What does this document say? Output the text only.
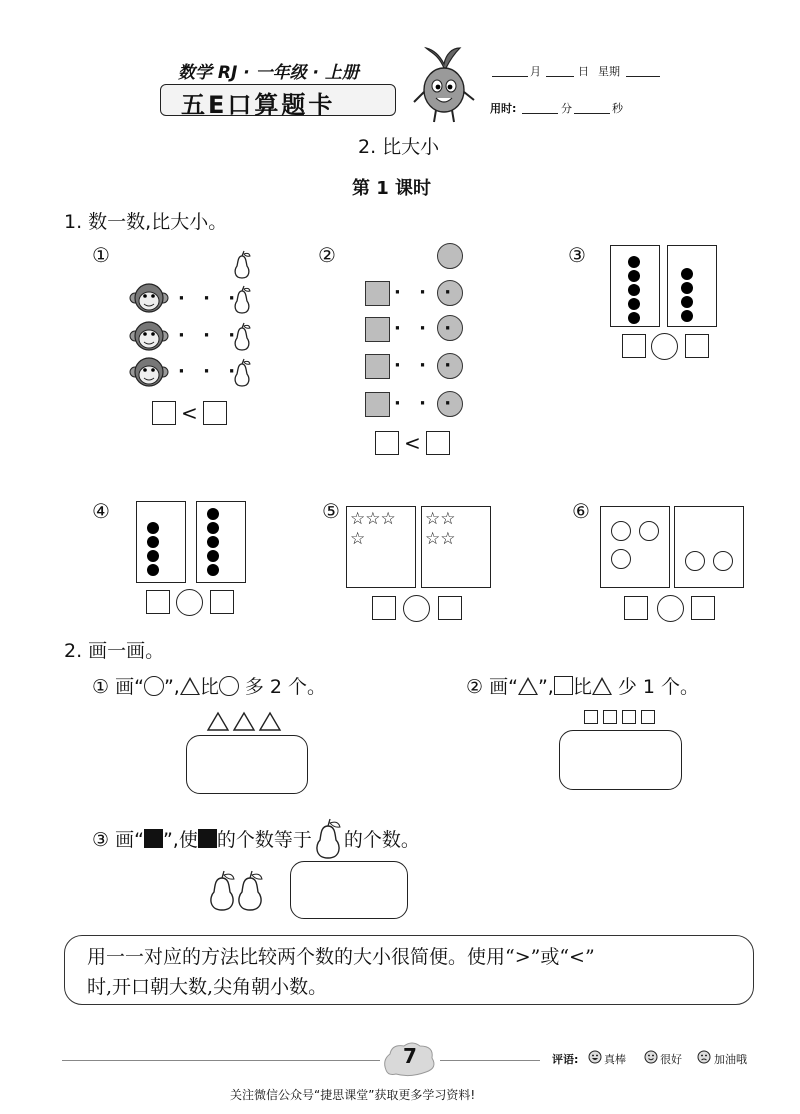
数学 RJ · 一年级 · 上册
五E口算题卡
月	日 星期
用时:	分	秒
2. 比大小
第 1 课时
1. 数一数,比大小。
①
· · ·
· · ·
· · ·
<
②
· · ·
· · ·
· · ·
· · ·
<
③
④	⑤ ☆☆☆
☆
☆☆
☆☆
⑥
2. 画一画。
① 画“ ”, 比 多 2 个。	② 画“ ”, 比 少 1 个。
③ 画“ ”,使 的个数等于 的个数。
用一一对应的方法比较两个数的大小很简便。使用“>”或“<”
时,开口朝大数,尖角朝小数。
7	评语: 真棒	很好	加油哦
关注微信公众号“捷思课堂”获取更多学习资料!
